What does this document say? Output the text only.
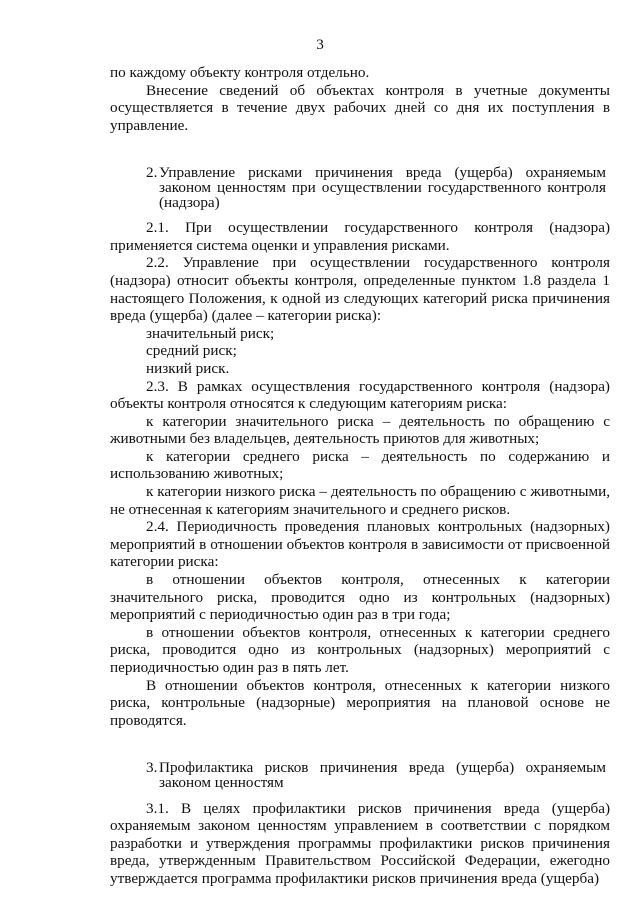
3

по каждому объекту контроля отдельно.

Внесение сведений об объектах контроля в учетные документы осуществляется в течение двух рабочих дней со дня их поступления в управление.

2. Управление рисками причинения вреда (ущерба) охраняемым законом ценностям при осуществлении государственного контроля (надзора)

2.1. При осуществлении государственного контроля (надзора) применяется система оценки и управления рисками.

2.2. Управление при осуществлении государственного контроля (надзора) относит объекты контроля, определенные пунктом 1.8 раздела 1 настоящего Положения, к одной из следующих категорий риска причинения вреда (ущерба) (далее – категории риска):

значительный риск;

средний риск;

низкий риск.

2.3. В рамках осуществления государственного контроля (надзора) объекты контроля относятся к следующим категориям риска:

к категории значительного риска – деятельность по обращению с животными без владельцев, деятельность приютов для животных;

к категории среднего риска – деятельность по содержанию и использованию животных;

к категории низкого риска – деятельность по обращению с животными, не отнесенная к категориям значительного и среднего рисков.

2.4. Периодичность проведения плановых контрольных (надзорных) мероприятий в отношении объектов контроля в зависимости от присвоенной категории риска:

в отношении объектов контроля, отнесенных к категории значительного риска, проводится одно из контрольных (надзорных) мероприятий с периодичностью один раз в три года;

в отношении объектов контроля, отнесенных к категории среднего риска, проводится одно из контрольных (надзорных) мероприятий с периодичностью один раз в пять лет.

В отношении объектов контроля, отнесенных к категории низкого риска, контрольные (надзорные) мероприятия на плановой основе не проводятся.

3. Профилактика рисков причинения вреда (ущерба) охраняемым законом ценностям

3.1. В целях профилактики рисков причинения вреда (ущерба) охраняемым законом ценностям управлением в соответствии с порядком разработки и утверждения программы профилактики рисков причинения вреда, утвержденным Правительством Российской Федерации, ежегодно утверждается программа профилактики рисков причинения вреда (ущерба)
